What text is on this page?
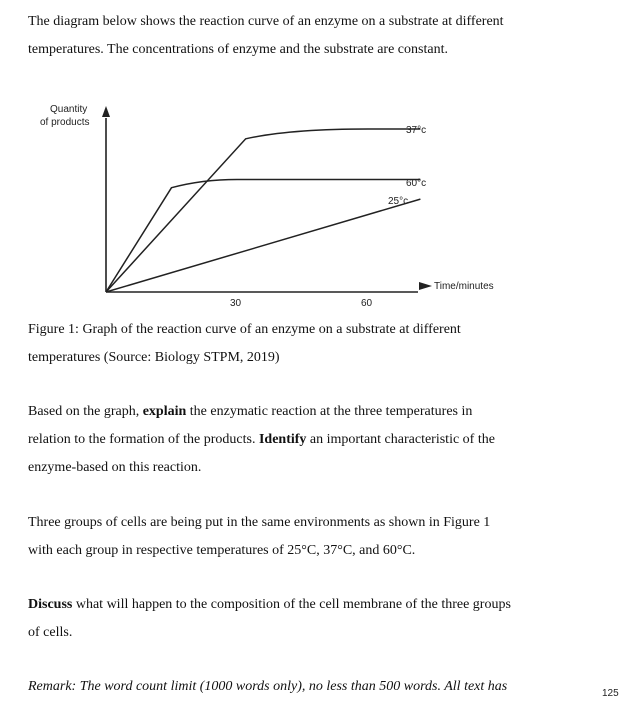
The diagram below shows the reaction curve of an enzyme on a substrate at different

temperatures. The concentrations of enzyme and the substrate are constant.

Quantity
of products
Time/minutes
30	60
37°c
60°c
25°c

Figure 1: Graph of the reaction curve of an enzyme on a substrate at different

temperatures (Source: Biology STPM, 2019)

Based on the graph, explain the enzymatic reaction at the three temperatures in

relation to the formation of the products. Identify an important characteristic of the

enzyme-based on this reaction.

Three groups of cells are being put in the same environments as shown in Figure 1

with each group in respective temperatures of 25°C, 37°C, and 60°C.

Discuss what will happen to the composition of the cell membrane of the three groups

of cells.

Remark: The word count limit (1000 words only), no less than 500 words. All text has	125
